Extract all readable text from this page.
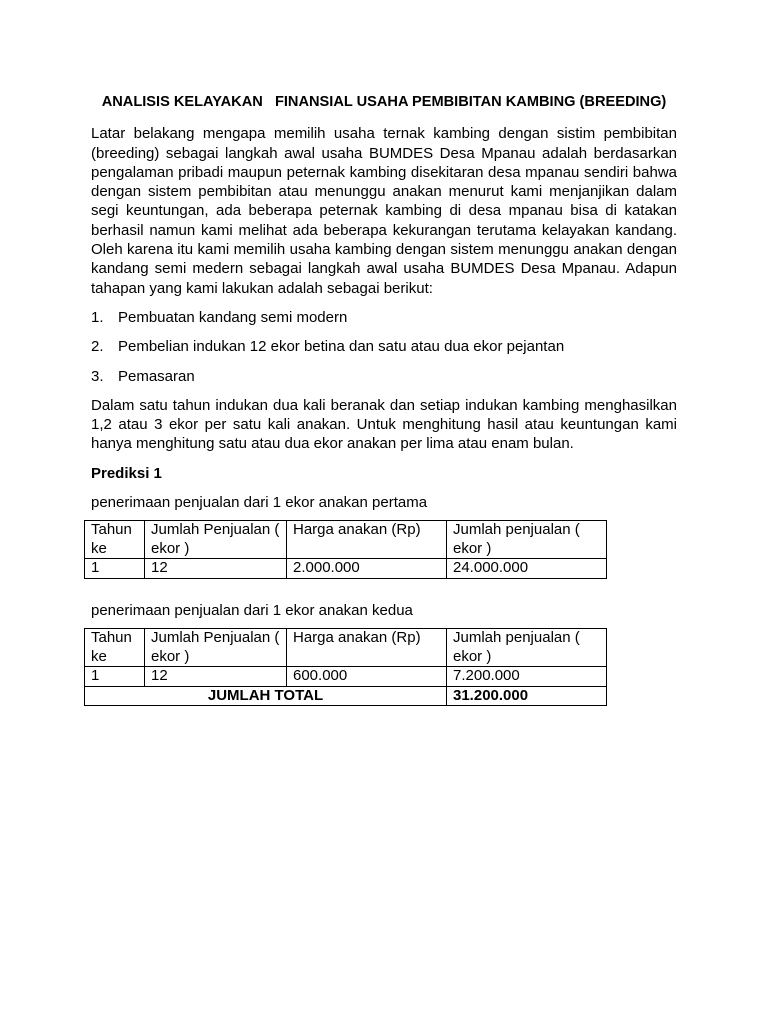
ANALISIS KELAYAKAN   FINANSIAL USAHA PEMBIBITAN KAMBING (BREEDING)

Latar belakang mengapa memilih usaha ternak kambing dengan sistim pembibitan (breeding) sebagai langkah awal usaha BUMDES Desa Mpanau adalah berdasarkan pengalaman pribadi maupun peternak kambing disekitaran desa mpanau sendiri bahwa dengan sistem pembibitan atau menunggu anakan menurut kami menjanjikan dalam segi keuntungan, ada beberapa peternak kambing di desa mpanau bisa di katakan berhasil namun kami melihat ada beberapa kekurangan terutama kelayakan kandang. Oleh karena itu kami memilih usaha kambing dengan sistem menunggu anakan dengan kandang semi medern sebagai langkah awal usaha BUMDES Desa Mpanau. Adapun tahapan yang kami lakukan adalah sebagai berikut:

1. Pembuatan kandang semi modern
2. Pembelian indukan 12 ekor betina dan satu atau dua ekor pejantan
3. Pemasaran

Dalam satu tahun indukan dua kali beranak dan setiap indukan kambing menghasilkan 1,2 atau 3 ekor per satu kali anakan. Untuk menghitung hasil atau keuntungan kami hanya menghitung satu atau dua ekor anakan per lima atau enam bulan.

Prediksi 1
penerimaan penjualan dari 1 ekor anakan pertama
Tahun ke	Jumlah Penjualan ( ekor )	Harga anakan (Rp)	Jumlah penjualan ( ekor )
1	12	2.000.000	24.000.000
penerimaan penjualan dari 1 ekor anakan kedua
Tahun ke	Jumlah Penjualan ( ekor )	Harga anakan (Rp)	Jumlah penjualan ( ekor )
1	12	600.000	7.200.000
JUMLAH TOTAL			31.200.000
